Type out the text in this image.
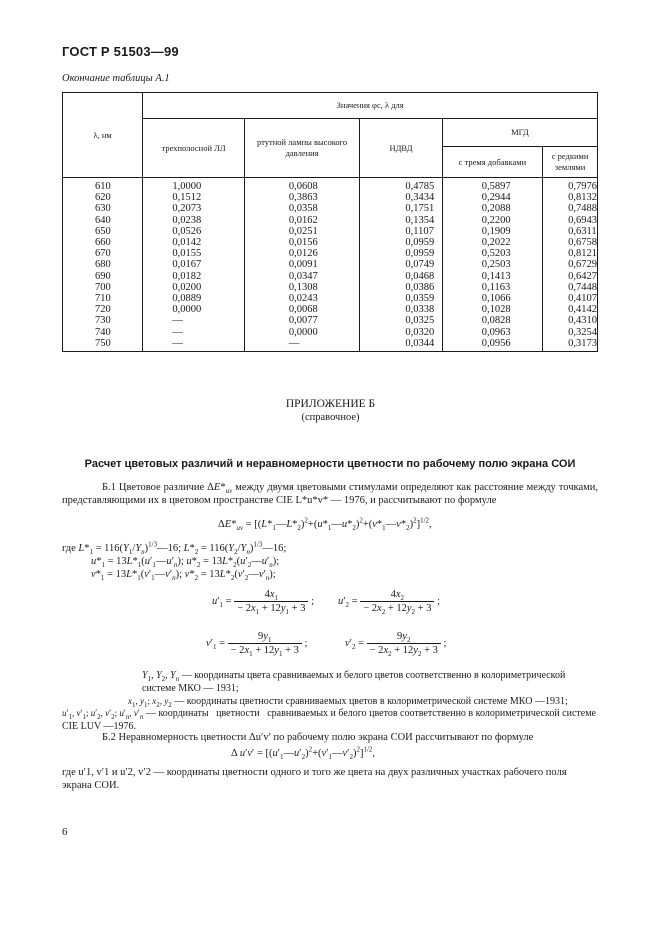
ГОСТ Р 51503—99
Окончание таблицы А.1
λ, нм	Значения φc, λ для				
	трехполосной ЛЛ	ртутной лампы высокого давления	НДВД	МГД	
				с тремя добавками	с редкими землями
610	1,0000	0,0608	0,4785	0,5897	0,7976
620	0,1512	0,3863	0,3434	0,2944	0,8132
630	0,2073	0,0358	0,1751	0,2088	0,7488
640	0,0238	0,0162	0,1354	0,2200	0,6943
650	0,0526	0,0251	0,1107	0,1909	0,6311
660	0,0142	0,0156	0,0959	0,2022	0,6758
670	0,0155	0,0126	0,0959	0,5203	0,8121
680	0,0167	0,0091	0,0749	0,2503	0,6729
690	0,0182	0,0347	0,0468	0,1413	0,6427
700	0,0200	0,1308	0,0386	0,1163	0,7448
710	0,0889	0,0243	0,0359	0,1066	0,4107
720	0,0000	0,0068	0,0338	0,1028	0,4142
730	—	0,0077	0,0325	0,0828	0,4310
740	—	0,0000	0,0320	0,0963	0,3254
750	—	—	0,0344	0,0956	0,3173
ПРИЛОЖЕНИЕ Б
(справочное)
Расчет цветовых различий и неравномерности цветности по рабочему полю экрана СОИ
Б.1 Цветовое различие $\Delta E*_{uv}$ между двумя цветовыми стимулами определяют как расстояние между точками, представляющими их в цветовом пространстве CIE L*u*v* — 1976, и рассчитывают по формуле
$\Delta E*_{uv}$ = $[(L*_1—L*_2)^2+(u*_1—u*_2)^2+(v*_1—v*_2)^2]^{1/2}$,
где $L*_1$ = $116(Y_1/Y_n)^{1/3}—16$; $L*_2$ = $116(Y_2/Y_n)^{1/3}—16$;
$u*_1$ = $13L*_1(u'_1—u'_n)$; $u*_2$ = $13L*_2(u'_2—u'_n)$;
$v*_1$ = $13L*_1(v'_1—v'_n)$; $v*_2$ = $13L*_2(v'_2—v'_n)$;
$u'_1 = \frac{4x_1}{- 2x_1 + 12y_1 + 3}$ ; $u'_2 = \frac{4x_2}{- 2x_2 + 12y_2 + 3}$ ;
$v'_1 = \frac{9y_1}{- 2x_1 + 12y_1 + 3}$ ;	$v'_2 = \frac{9y_2}{- 2x_2 + 12y_2 + 3}$ ;
$Y_1$, $Y_2$, $Y_n$ — координаты цвета сравниваемых и белого цветов соответственно в колориметрической системе МКО — 1931;
$x_1$, $y_1$; $x_2$, $y_2$ — координаты цветности сравниваемых цветов в колориметрической системе МКО —1931;
$u'_1$, $v'_1$; $u'_2$, $v'_2$; $u'_n$, $v'_n$ — координаты цветности сравниваемых и белого цветов соответственно в колориметрической системе CIE LUV —1976.
Б.2 Неравномерность цветности Δu′v′ по рабочему полю экрана СОИ рассчитывают по формуле
Δ $u'v' = [(u'_1—u'_2)^2+(v'_1—v'_2)^2]^{1/2}$,
где u′1, v′1 и u′2, v′2 — координаты цветности одного и того же цвета на двух различных участках рабочего поля экрана СОИ.
6
